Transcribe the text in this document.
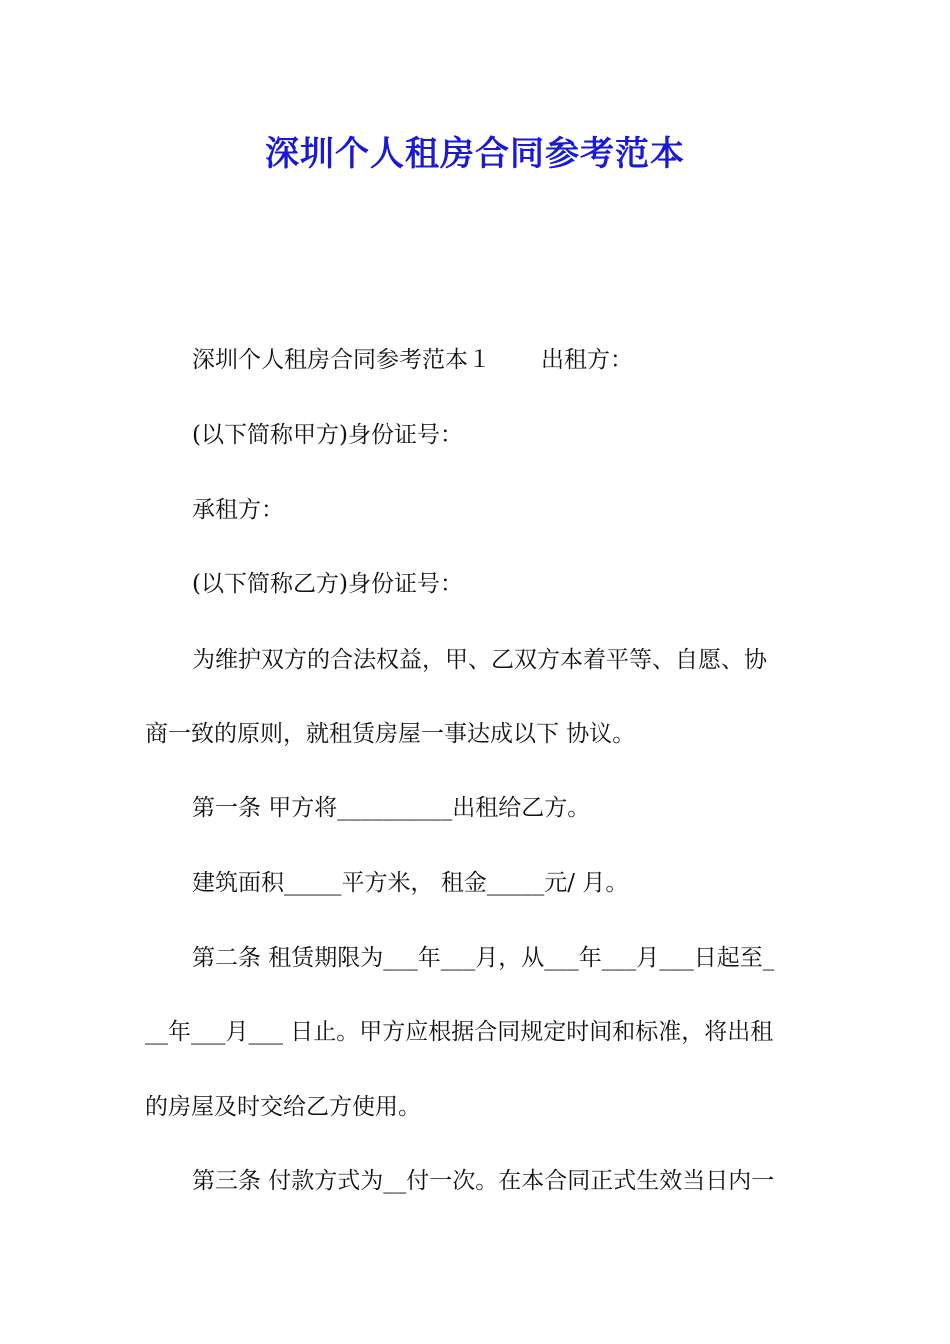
深圳个人租房合同参考范本
深圳个人租房合同参考范本１ 出租方：
(以下简称甲方)身份证号：
承租方：
(以下简称乙方)身份证号：
为维护双方的合法权益，甲、乙双方本着平等、自愿、协
商一致的原则，就租赁房屋一事达成以下 协议。
第一条 甲方将__________出租给乙方。
建筑面积_____平方米， 租金_____元/ 月。
第二条 租赁期限为___年___月，从___年___月___日起至_
__年___月___ 日止。甲方应根据合同规定时间和标准，将出租
的房屋及时交给乙方使用。
第三条 付款方式为__付一次。在本合同正式生效当日内一
